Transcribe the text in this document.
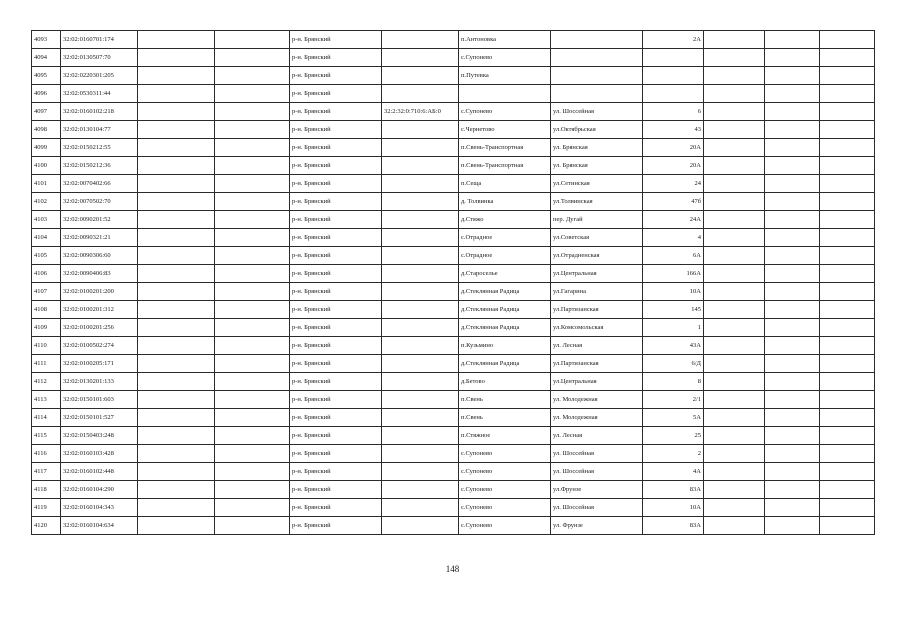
4093	32:02:0160701:174			р-н. Брянский		п.Антоновка		2А			
4094	32:02:0130507:70			р-н. Брянский		с.Супонево					
4095	32:02:0220301:205			р-н. Брянский		п.Путевка					
4096	32:02:0530311:44			р-н. Брянский							
4097	32:02:0160102:218			р-н. Брянский	32:2:32:0:710:6:АБ:0	с.Супонево	ул. Шоссейная	6			
4098	32:02:0130104:77			р-н. Брянский		с.Чернетово	ул.Октябрьская	43			
4099	32:02:0150212:55			р-н. Брянский		п.Свень-Транспортная	ул. Брянская	20А			
4100	32:02:0150212:36			р-н. Брянский		п.Свень-Транспортная	ул. Брянская	20А			
4101	32:02:0070402:66			р-н. Брянский		п.Сеща	ул.Сетинская	24			
4102	32:02:0070502:70			р-н. Брянский		д. Толвинка	ул.Толвинская	47б			
4103	32:02:0090201:52			р-н. Брянский		д.Стяжо	пер. Дугай	24А			
4104	32:02:0090321:21			р-н. Брянский		с.Отрадное	ул.Советская	4			
4105	32:02:0090306:60			р-н. Брянский		с.Отрадное	ул.Отрадненская	6А			
4106	32:02:0090406:83			р-н. Брянский		д.Староселье	ул.Центральная	166А			
4107	32:02:0100201:200			р-н. Брянский		д.Стеклянная Радица	ул.Гагарина	10А			
4108	32:02:0100201:312			р-н. Брянский		д.Стеклянная Радица	ул.Партизанская	145			
4109	32:02:0100201:256			р-н. Брянский		д.Стеклянная Радица	ул.Комсомольская	1			
4110	32:02:0100502:274			р-н. Брянский		п.Кузьмино	ул. Лесная	43А			
4111	32:02:0100205:171			р-н. Брянский		д.Стеклянная Радица	ул.Партизанская	6/Д			
4112	32:02:0130201:133			р-н. Брянский		д.Бетово	ул.Центральная	8			
4113	32:02:0150101:603			р-н. Брянский		п.Свень	ул. Молодежная	2/1			
4114	32:02:0150101:527			р-н. Брянский		п.Свень	ул. Молодежная	5А			
4115	32:02:0150403:248			р-н. Брянский		п.Стяжное	ул. Лесная	25			
4116	32:02:0160103:428			р-н. Брянский		с.Супонево	ул. Шоссейная	2			
4117	32:02:0160102:448			р-н. Брянский		с.Супонево	ул. Шоссейная	4А			
4118	32:02:0160104:290			р-н. Брянский		с.Супонево	ул.Фрунзе	83А			
4119	32:02:0160104:343			р-н. Брянский		с.Супонево	ул. Шоссейная	10А			
4120	32:02:0160104:634			р-н. Брянский		с.Супонево	ул. Фрунзе	83А			
148
